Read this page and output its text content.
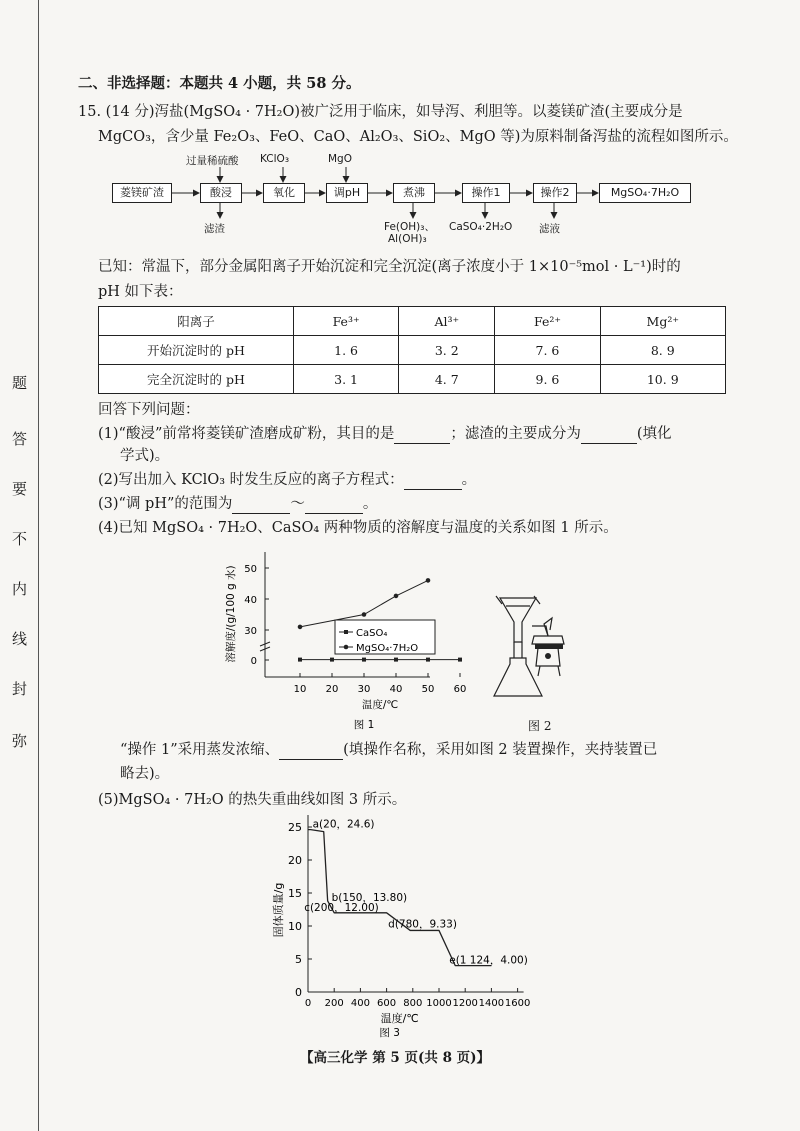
题
答
要
不
内
线
封
弥
二、非选择题：本题共 4 小题，共 58 分。
15. (14 分)泻盐(MgSO₄ · 7H₂O)被广泛用于临床，如导泻、利胆等。以菱镁矿渣(主要成分是
MgCO₃，含少量 Fe₂O₃、FeO、CaO、Al₂O₃、SiO₂、MgO 等)为原料制备泻盐的流程如图所示。
过量稀硫酸 KClO₃	MgO
菱镁矿渣	酸浸	氧化	调pH	煮沸	操作1	操作2	MgSO₄·7H₂O
滤渣	Fe(OH)₃、
Al(OH)₃
CaSO₄·2H₂O	滤液
已知：常温下，部分金属阳离子开始沉淀和完全沉淀(离子浓度小于 1×10⁻⁵mol · L⁻¹)时的
pH 如下表：
阳离子	Fe³⁺	Al³⁺	Fe²⁺	Mg²⁺
开始沉淀时的 pH	1. 6	3. 2	7. 6	8. 9
完全沉淀时的 pH	3. 1	4. 7	9. 6	10. 9
回答下列问题：
(1)“酸浸”前常将菱镁矿渣磨成矿粉，其目的是	；滤渣的主要成分为	(填化
学式)。
(2)写出加入 KClO₃ 时发生反应的离子方程式：	。
(3)“调 pH”的范围为	～	。
(4)已知 MgSO₄ · 7H₂O、CaSO₄ 两种物质的溶解度与温度的关系如图 1 所示。
0
30
40
50
10 20 30 40 50 60
温度/℃
溶解度/(g/100 g 水)
图 1
CaSO₄
MgSO₄·7H₂O
图 2
“操作 1”采用蒸发浓缩、	(填操作名称，采用如图 2 装置操作，夹持装置已
略去)。
(5)MgSO₄ · 7H₂O 的热失重曲线如图 3 所示。
0
5
10
15
20
25
0 200 400 600 800 1000 1200 1400 1600
温度/℃
固体质量/g
图 3
a(20，24.6)
b(150，13.80)
c(200，12.00)
d(780，9.33)
e(1 124，4.00)
【高三化学 第 5 页(共 8 页)】
